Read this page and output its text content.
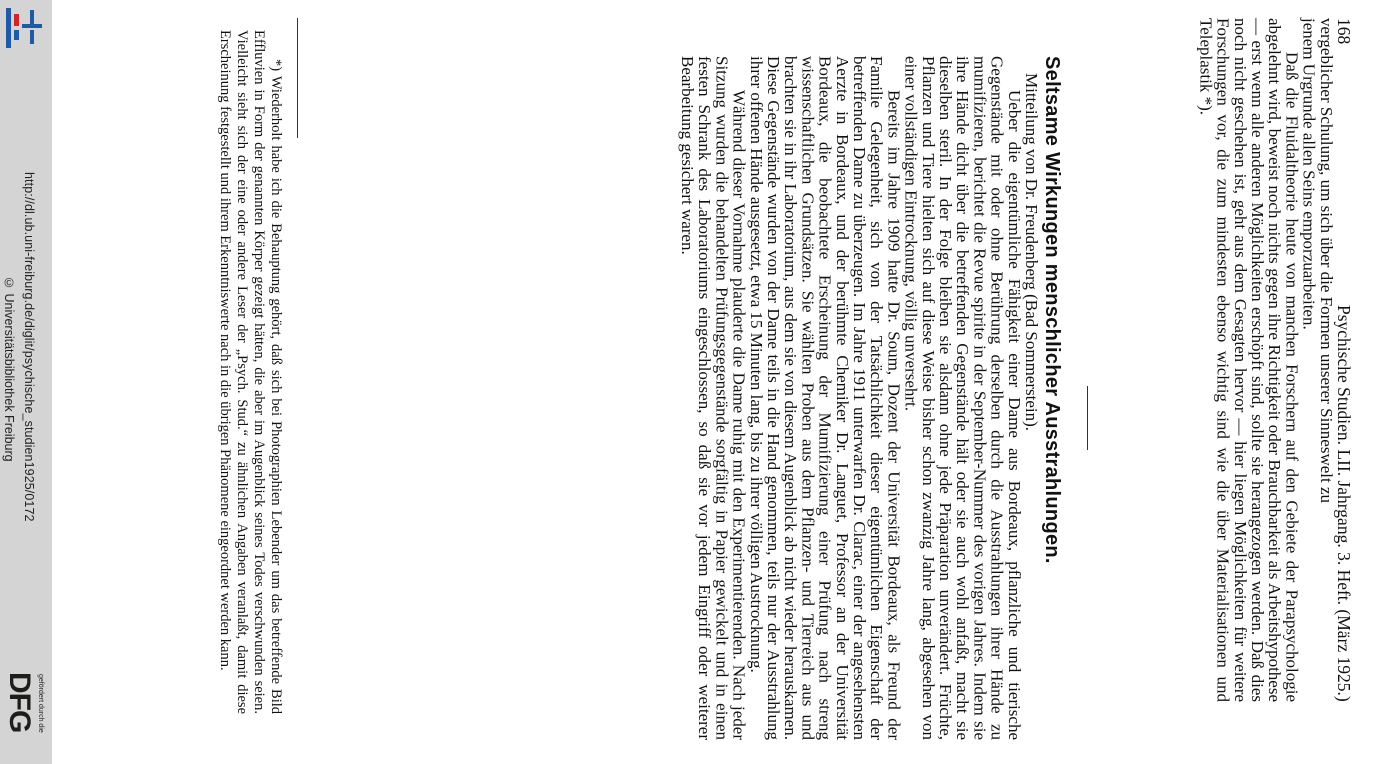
http://dl.ub.uni-freiburg.de/diglit/psychische_studien1925/0172
© Universitätsbibliothek Freiburg
gefördert durch die
DFG
168
Psychische Studien. LII. Jahrgang. 3. Heft. (März 1925.)
vergeblicher Schulung, um sich über die Formen unserer Sinneswelt zu
jenem Urgrunde allen Seins emporzuarbeiten.
Daß die Fluidaltheorie heute von manchen Forschern auf den Gebiete der Parapsychologie abgelehnt wird, beweist noch nichts gegen ihre Richtigkeit oder Brauchbarkeit als Arbeitshypothese — erst wenn alle anderen Möglichkeiten erschöpft sind, sollte sie herangezogen werden. Daß dies noch nicht geschehen ist, geht aus dem Gesagten hervor — hier liegen Möglichkeiten für weitere Forschungen vor, die zum mindesten ebenso wichtig sind wie die über Materialisationen und Teleplastik *).
Seltsame Wirkungen menschlicher Ausstrahlungen.
Mitteilung von Dr. Freudenberg (Bad Sommerstein).
Ueber die eigentümliche Fähigkeit einer Dame aus Bordeaux, pflanzliche und tierische Gegenstände mit oder ohne Berührung derselben durch die Ausstrahlungen ihrer Hände zu mumifizieren, berichtet die Revue spirite in der September-Nummer des vorigen Jahres. Indem sie ihre Hände dicht über die betreffenden Gegenstände hält oder sie auch wohl anfaßt, macht sie dieselben steril. In der Folge bleiben sie alsdann ohne jede Präparation unverändert. Früchte, Pflanzen und Tiere hielten sich auf diese Weise bisher schon zwanzig Jahre lang, abgesehen von einer vollständigen Eintrocknung, völlig unversehrt.
Bereits im Jahre 1909 hatte Dr. Soum, Dozent der Universität Bordeaux, als Freund der Familie Gelegenheit, sich von der Tatsächlichkeit dieser eigentümlichen Eigenschaft der betreffenden Dame zu überzeugen. Im Jahre 1911 unterwarfen Dr. Clarac, einer der angesehensten Aerzte in Bordeaux, und der berühmte Chemiker Dr. Languet, Professor an der Universität Bordeaux, die beobachtete Erscheinung der Mumifizierung einer Prüfung nach streng wissenschaftlichen Grundsätzen. Sie wählten Proben aus dem Pflanzen- und Tierreich aus und brachten sie in ihr Laboratorium, aus dem sie von diesem Augenblick ab nicht wieder herauskamen. Diese Gegenstände wurden von der Dame teils in die Hand genommen, teils nur der Ausstrahlung ihrer offenen Hände ausgesetzt, etwa 15 Minuten lang, bis zu ihrer völligen Austrocknung.
Während dieser Vornahme plauderte die Dame ruhig mit den Experimentierenden. Nach jeder Sitzung wurden die behandelten Prüfungsgegenstände sorgfältig in Papier gewickelt und in einen festen Schrank des Laboratoriums eingeschlossen, so daß sie vor jedem Eingriff oder weiterer Bearbeitung gesichert waren.
*) Wiederholt habe ich die Behauptung gehört, daß sich bei Photographien Lebender um das betreffende Bild Effluvien in Form der genannten Körper gezeigt hätten, die aber im Augenblick seines Todes verschwunden seien. Vielleicht sieht sich der eine oder andere Leser der „Psych. Stud.“ zu ähnlichen Angaben veranlaßt, damit diese Erscheinung festgestellt und ihrem Erkenntniswerte nach in die übrigen Phänomene eingeordnet werden kann.
